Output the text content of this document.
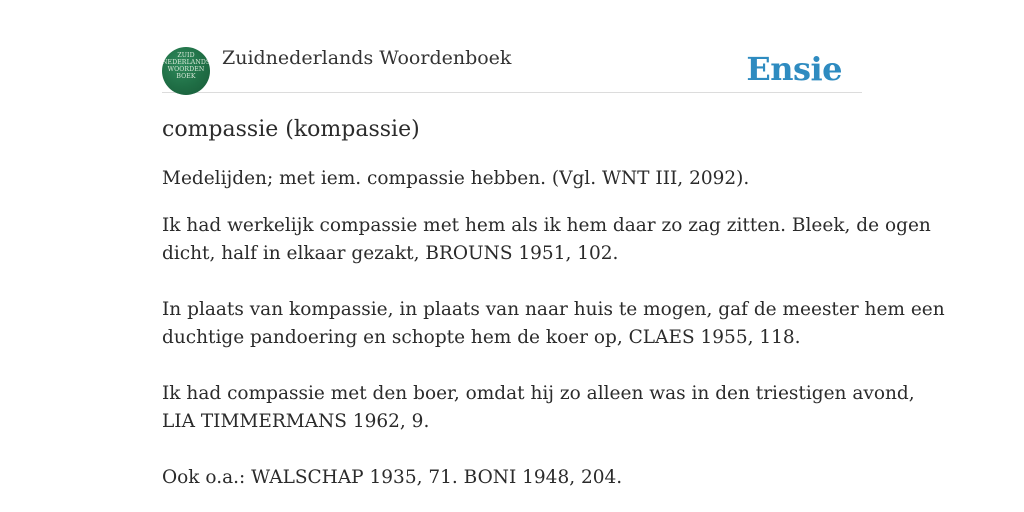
ZUID
NEDERLANDS
WOORDEN
BOEK
Zuidnederlands Woordenboek	Ensie
compassie (kompassie)
Medelijden; met iem. compassie hebben. (Vgl. WNT III, 2092).
Ik had werkelijk compassie met hem als ik hem daar zo zag zitten. Bleek, de ogen
dicht, half in elkaar gezakt, BROUNS 1951, 102.
In plaats van kompassie, in plaats van naar huis te mogen, gaf de meester hem een
duchtige pandoering en schopte hem de koer op, CLAES 1955, 118.
Ik had compassie met den boer, omdat hij zo alleen was in den triestigen avond,
LIA TIMMERMANS 1962, 9.
Ook o.a.: WALSCHAP 1935, 71. BONI 1948, 204.
